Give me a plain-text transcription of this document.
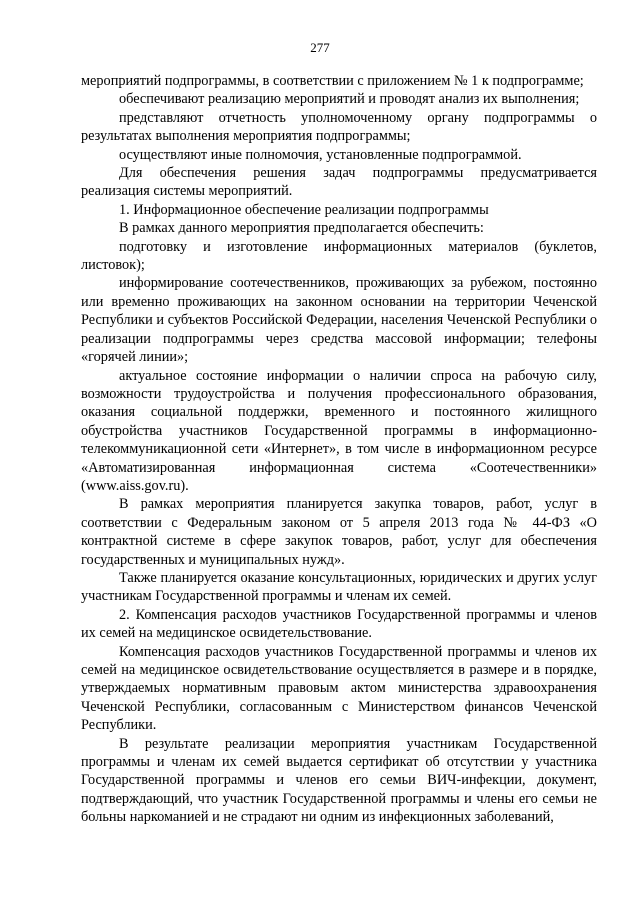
277

мероприятий подпрограммы, в соответствии с приложением № 1 к подпрограмме;

обеспечивают реализацию мероприятий и проводят анализ их выполнения;

представляют отчетность уполномоченному органу подпрограммы о результатах выполнения мероприятия подпрограммы;

осуществляют иные полномочия, установленные подпрограммой.

Для обеспечения решения задач подпрограммы предусматривается реализация системы мероприятий.

1. Информационное обеспечение реализации подпрограммы

В рамках данного мероприятия предполагается обеспечить:

подготовку и изготовление информационных материалов (буклетов, листовок);

информирование соотечественников, проживающих за рубежом, постоянно или временно проживающих на законном основании на территории Чеченской Республики и субъектов Российской Федерации, населения Чеченской Республики о реализации подпрограммы через средства массовой информации; телефоны «горячей линии»;

актуальное состояние информации о наличии спроса на рабочую силу, возможности трудоустройства и получения профессионального образования, оказания социальной поддержки, временного и постоянного жилищного обустройства участников Государственной программы в информационно-телекоммуникационной сети «Интернет», в том числе в информационном ресурсе «Автоматизированная информационная система «Соотечественники» (www.aiss.gov.ru).

В рамках мероприятия планируется закупка товаров, работ, услуг в соответствии с Федеральным законом от 5 апреля 2013 года № 44-ФЗ «О контрактной системе в сфере закупок товаров, работ, услуг для обеспечения государственных и муниципальных нужд».

Также планируется оказание консультационных, юридических и других услуг участникам Государственной программы и членам их семей.

2. Компенсация расходов участников Государственной программы и членов их семей на медицинское освидетельствование.

Компенсация расходов участников Государственной программы и членов их семей на медицинское освидетельствование осуществляется в размере и в порядке, утверждаемых нормативным правовым актом министерства здравоохранения Чеченской Республики, согласованным с Министерством финансов Чеченской Республики.

В результате реализации мероприятия участникам Государственной программы и членам их семей выдается сертификат об отсутствии у участника Государственной программы и членов его семьи ВИЧ-инфекции, документ, подтверждающий, что участник Государственной программы и члены его семьи не больны наркоманией и не страдают ни одним из инфекционных заболеваний,
